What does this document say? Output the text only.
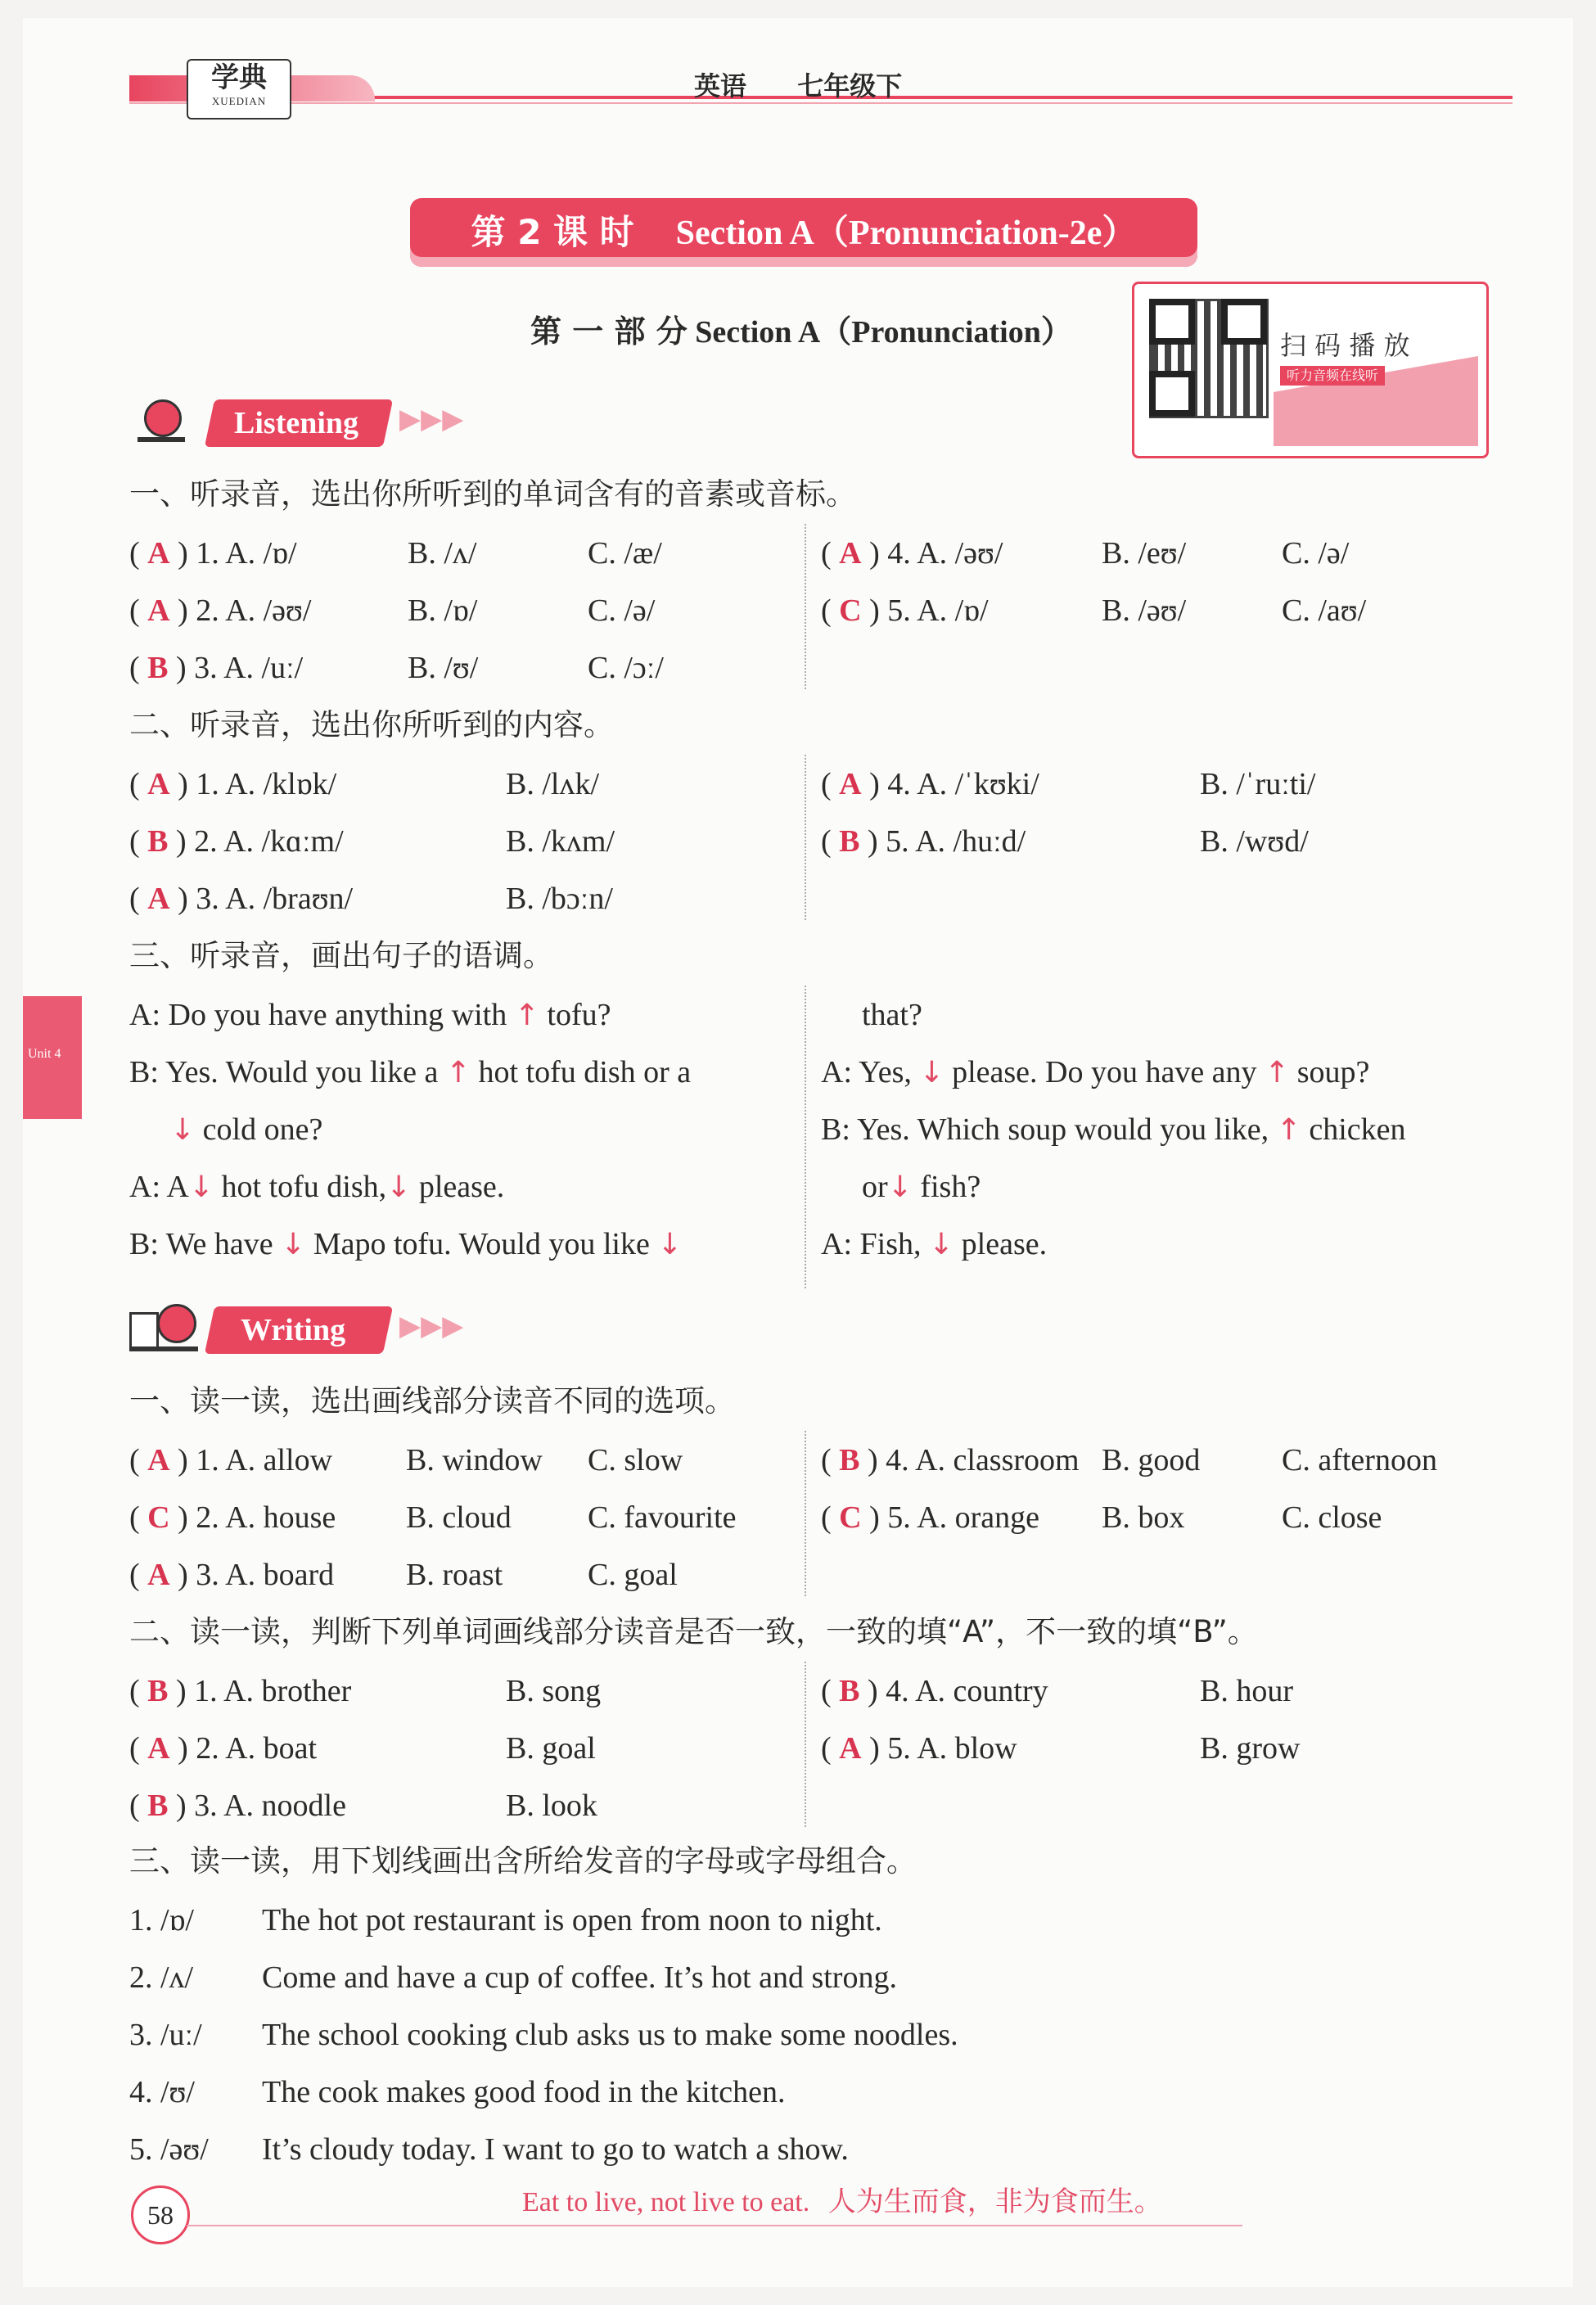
学典
XUEDIAN	英语 七年级下
第 2 课 时 Section A（Pronunciation-2e）
第 一 部 分 Section A（Pronunciation）	扫 码 播 放
听力音频在线听
Unit 4
Listening ▶▶▶
一、听录音，选出你所听到的单词含有的音素或音标。
( A ) 1. A. /ɒ/	B. /ʌ/	C. /æ/
( A ) 2. A. /əʊ/	B. /ɒ/	C. /ə/
( B ) 3. A. /uː/	B. /ʊ/	C. /ɔː/
( A ) 4. A. /əʊ/	B. /eʊ/	C. /ə/
( C ) 5. A. /ɒ/	B. /əʊ/	C. /aʊ/
二、听录音，选出你所听到的内容。
( A ) 1. A. /klɒk/	B. /lʌk/
( B ) 2. A. /kɑːm/	B. /kʌm/
( A ) 3. A. /braʊn/	B. /bɔːn/
( A ) 4. A. /ˈkʊki/	B. /ˈruːti/
( B ) 5. A. /huːd/	B. /wʊd/
三、听录音，画出句子的语调。
A: Do you have anything with ↑ tofu?
B: Yes. Would you like a ↑ hot tofu dish or a
↓ cold one?
A: A↓ hot tofu dish,↓ please.
B: We have ↓ Mapo tofu. Would you like ↓
that?
A: Yes, ↓ please. Do you have any ↑ soup?
B: Yes. Which soup would you like, ↑ chicken
or↓ fish?
A: Fish, ↓ please.
Writing ▶▶▶
一、读一读，选出画线部分读音不同的选项。
( A ) 1. A. allow B. window C. slow
( C ) 2. A. house B. cloud C. favourite
( A ) 3. A. board B. roast	C. goal
( B ) 4. A. classroom B. good	C. afternoon
( C ) 5. A. orange B. box	C. close
二、读一读，判断下列单词画线部分读音是否一致，一致的填“A”，不一致的填“B”。
( B ) 1. A. brother	B. song
( A ) 2. A. boat	B. goal
( B ) 3. A. noodle	B. look
( B ) 4. A. country	B. hour
( A ) 5. A. blow	B. grow
三、读一读，用下划线画出含所给发音的字母或字母组合。
1. /ɒ/ The hot pot restaurant is open from noon to night.
2. /ʌ/ Come and have a cup of coffee. It’s hot and strong.
3. /uː/ The school cooking club asks us to make some noodles.
4. /ʊ/ The cook makes good food in the kitchen.
5. /əʊ/ It’s cloudy today. I want to go to watch a show.
58	Eat to live, not live to eat. 人为生而食，非为食而生。
